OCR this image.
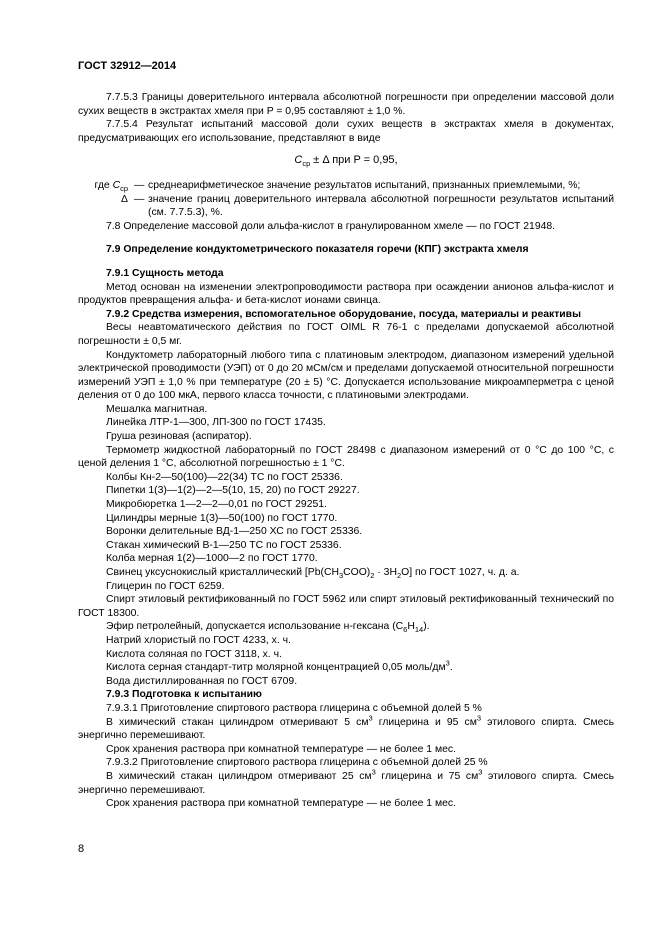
ГОСТ 32912—2014

7.7.5.3 Границы доверительного интервала абсолютной погрешности при определении массовой доли сухих веществ в экстрактах хмеля при P = 0,95 составляют ± 1,0 %.

7.7.5.4 Результат испытаний массовой доли сухих веществ в экстрактах хмеля в документах, предусматривающих его использование, представляют в виде

$C_{ср} \pm \Delta$ при P = 0,95,
где $C_{ср}$ — среднеарифметическое значение результатов испытаний, признанных приемлемыми, %;

Δ — значение границ доверительного интервала абсолютной погрешности результатов испытаний (см. 7.7.5.3), %.

7.8 Определение массовой доли альфа-кислот в гранулированном хмеле — по ГОСТ 21948.

7.9 Определение кондуктометрического показателя горечи (КПГ) экстракта хмеля

7.9.1 Сущность метода

Метод основан на изменении электропроводимости раствора при осаждении анионов альфа-кислот и продуктов превращения альфа- и бета-кислот ионами свинца.

7.9.2 Средства измерения, вспомогательное оборудование, посуда, материалы и реактивы

Весы неавтоматического действия по ГОСТ OIML R 76-1 с пределами допускаемой абсолютной погрешности ± 0,5 мг.

Кондуктометр лабораторный любого типа с платиновым электродом, диапазоном измерений удельной электрической проводимости (УЭП) от 0 до 20 мСм/см и пределами допускаемой относительной погрешности измерений УЭП ± 1,0 % при температуре (20 ± 5) °С. Допускается использование микроамперметра с ценой деления от 0 до 100 мкА, первого класса точности, с платиновыми электродами.

Мешалка магнитная.

Линейка ЛТР-1—300, ЛП-300 по ГОСТ 17435.

Груша резиновая (аспиратор).

Термометр жидкостной лабораторный по ГОСТ 28498 с диапазоном измерений от 0 °С до 100 °С, с ценой деления 1 °С, абсолютной погрешностью ± 1 °С.

Колбы Кн-2—50(100)—22(34) ТС по ГОСТ 25336.

Пипетки 1(3)—1(2)—2—5(10, 15, 20) по ГОСТ 29227.

Микробюретка 1—2—2—0,01 по ГОСТ 29251.

Цилиндры мерные 1(3)—50(100) по ГОСТ 1770.

Воронки делительные ВД-1—250 ХС по ГОСТ 25336.

Стакан химический В-1—250 ТС по ГОСТ 25336.

Колба мерная 1(2)—1000—2 по ГОСТ 1770.

Свинец уксуснокислый кристаллический $[Pb(CH_3COO)_2 \cdot 3H_2O]$ по ГОСТ 1027, ч. д. а.

Глицерин по ГОСТ 6259.

Спирт этиловый ректификованный по ГОСТ 5962 или спирт этиловый ректификованный технический по ГОСТ 18300.

Эфир петролейный, допускается использование н-гексана $(C_6H_{14})$.

Натрий хлористый по ГОСТ 4233, х. ч.

Кислота соляная по ГОСТ 3118, х. ч.

Кислота серная стандарт-титр молярной концентрацией 0,05 моль/$дм^3$.

Вода дистиллированная по ГОСТ 6709.

7.9.3 Подготовка к испытанию

7.9.3.1 Приготовление спиртового раствора глицерина с объемной долей 5 %

В химический стакан цилиндром отмеривают 5 $см^3$ глицерина и 95 $см^3$ этилового спирта. Смесь энергично перемешивают.

Срок хранения раствора при комнатной температуре — не более 1 мес.

7.9.3.2 Приготовление спиртового раствора глицерина с объемной долей 25 %

В химический стакан цилиндром отмеривают 25 $см^3$ глицерина и 75 $см^3$ этилового спирта. Смесь энергично перемешивают.

Срок хранения раствора при комнатной температуре — не более 1 мес.

8
